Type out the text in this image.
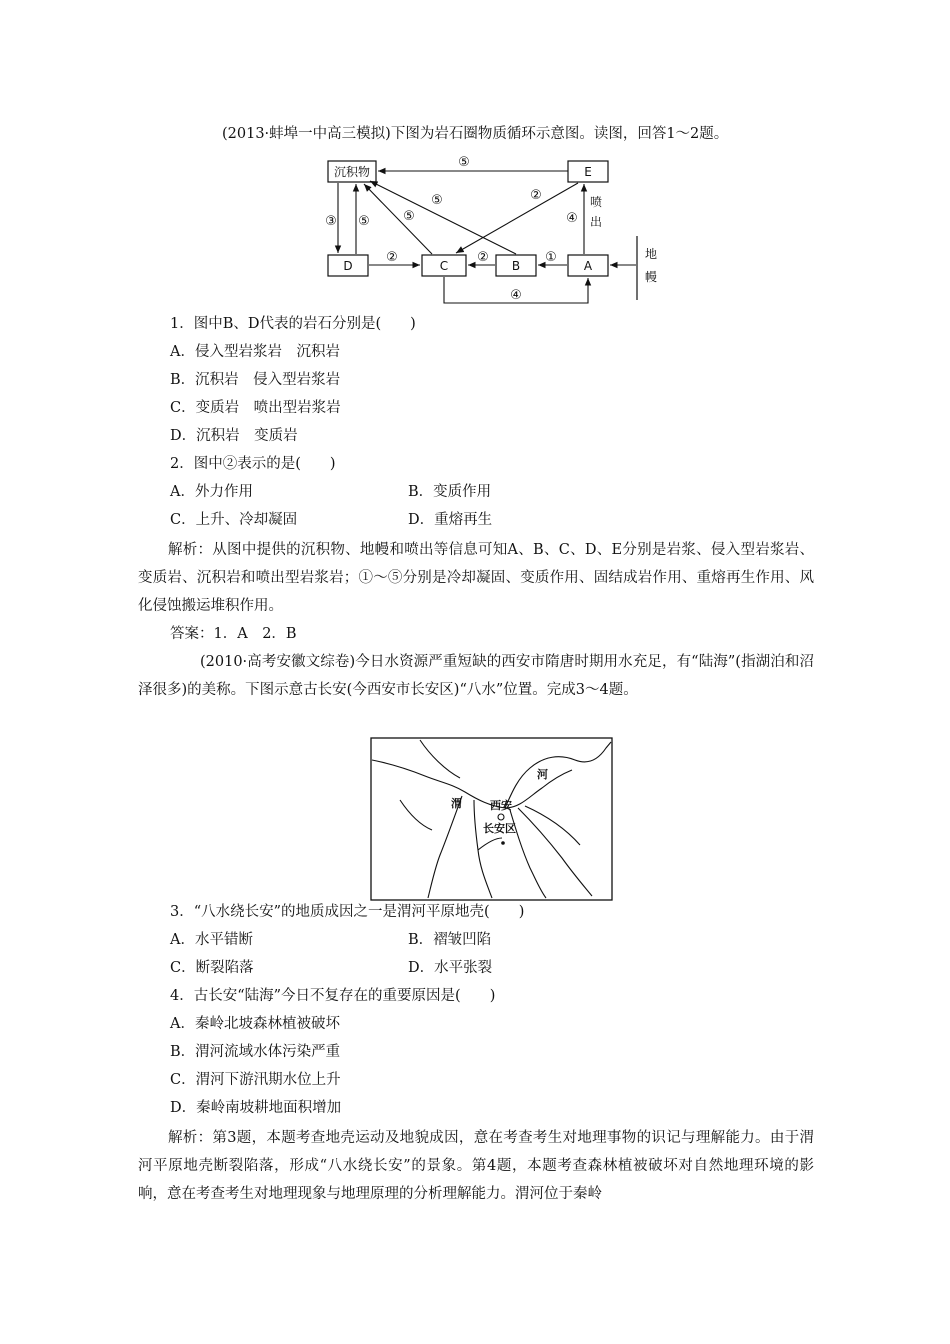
(2013·蚌埠一中高三模拟)下图为岩石圈物质循环示意图。读图，回答1～2题。
沉积物	E
D	C	B	A
⑤
⑤
⑤
③ ⑤
②	②	①
②
④
④
喷
出
地
幔
1．图中B、D代表的岩石分别是(　　)
A．侵入型岩浆岩　沉积岩
B．沉积岩　侵入型岩浆岩
C．变质岩　喷出型岩浆岩
D．沉积岩　变质岩
2．图中②表示的是(　　)
A．外力作用	B．变质作用
C．上升、冷却凝固	D．重熔再生
解析：从图中提供的沉积物、地幔和喷出等信息可知A、B、C、D、E分别是岩浆、侵入型岩浆岩、变质岩、沉积岩和喷出型岩浆岩；①～⑤分别是冷却凝固、变质作用、固结成岩作用、重熔再生作用、风化侵蚀搬运堆积作用。
答案：1．A　2．B
(2010·高考安徽文综卷)今日水资源严重短缺的西安市隋唐时期用水充足，有“陆海”(指湖泊和沼泽很多)的美称。下图示意古长安(今西安市长安区)“八水”位置。完成3～4题。
渭
河
西安
长安区
3．“八水绕长安”的地质成因之一是渭河平原地壳(　　)
A．水平错断	B．褶皱凹陷
C．断裂陷落	D．水平张裂
4．古长安“陆海”今日不复存在的重要原因是(　　)
A．秦岭北坡森林植被破坏
B．渭河流域水体污染严重
C．渭河下游汛期水位上升
D．秦岭南坡耕地面积增加
解析：第3题，本题考查地壳运动及地貌成因，意在考查考生对地理事物的识记与理解能力。由于渭河平原地壳断裂陷落，形成“八水绕长安”的景象。第4题，本题考查森林植被破坏对自然地理环境的影响，意在考查考生对地理现象与地理原理的分析理解能力。渭河位于秦岭
